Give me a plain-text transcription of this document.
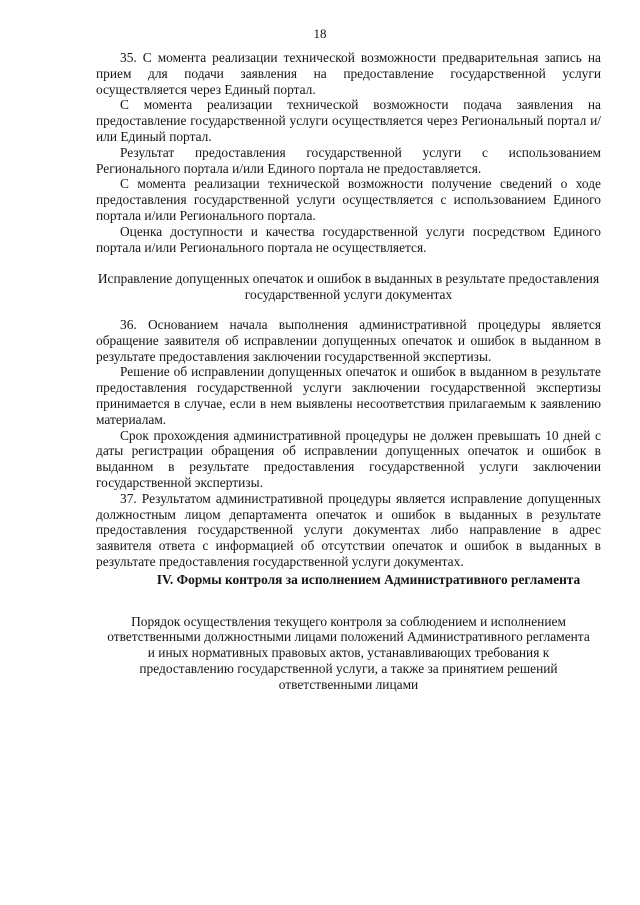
18

35. С момента реализации технической возможности предварительная запись на прием для подачи заявления на предоставление государственной услуги осуществляется через Единый портал.

С момента реализации технической возможности подача заявления на предоставление государственной услуги осуществляется через Региональный портал и/или Единый портал.

Результат предоставления государственной услуги с использованием Регионального портала и/или Единого портала не предоставляется.

С момента реализации технической возможности получение сведений о ходе предоставления государственной услуги осуществляется с использованием Единого портала и/или Регионального портала.

Оценка доступности и качества государственной услуги посредством Единого портала и/или Регионального портала не осуществляется.

Исправление допущенных опечаток и ошибок в выданных в результате предоставления государственной услуги документах

36. Основанием начала выполнения административной процедуры является обращение заявителя об исправлении допущенных опечаток и ошибок в выданном в результате предоставления заключении государственной экспертизы.

Решение об исправлении допущенных опечаток и ошибок в выданном в результате предоставления государственной услуги заключении государственной экспертизы принимается в случае, если в нем выявлены несоответствия прилагаемым к заявлению материалам.

Срок прохождения административной процедуры не должен превышать 10 дней с даты регистрации обращения об исправлении допущенных опечаток и ошибок в выданном в результате предоставления государственной услуги заключении государственной экспертизы.

37. Результатом административной процедуры является исправление допущенных должностным лицом департамента опечаток и ошибок в выданных в результате предоставления государственной услуги документах либо направление в адрес заявителя ответа с информацией об отсутствии опечаток и ошибок в выданных в результате предоставления государственной услуги документах.

IV. Формы контроля за исполнением Административного регламента

Порядок осуществления текущего контроля за соблюдением и исполнением ответственными должностными лицами положений Административного регламента и иных нормативных правовых актов, устанавливающих требования к предоставлению государственной услуги, а также за принятием решений ответственными лицами
